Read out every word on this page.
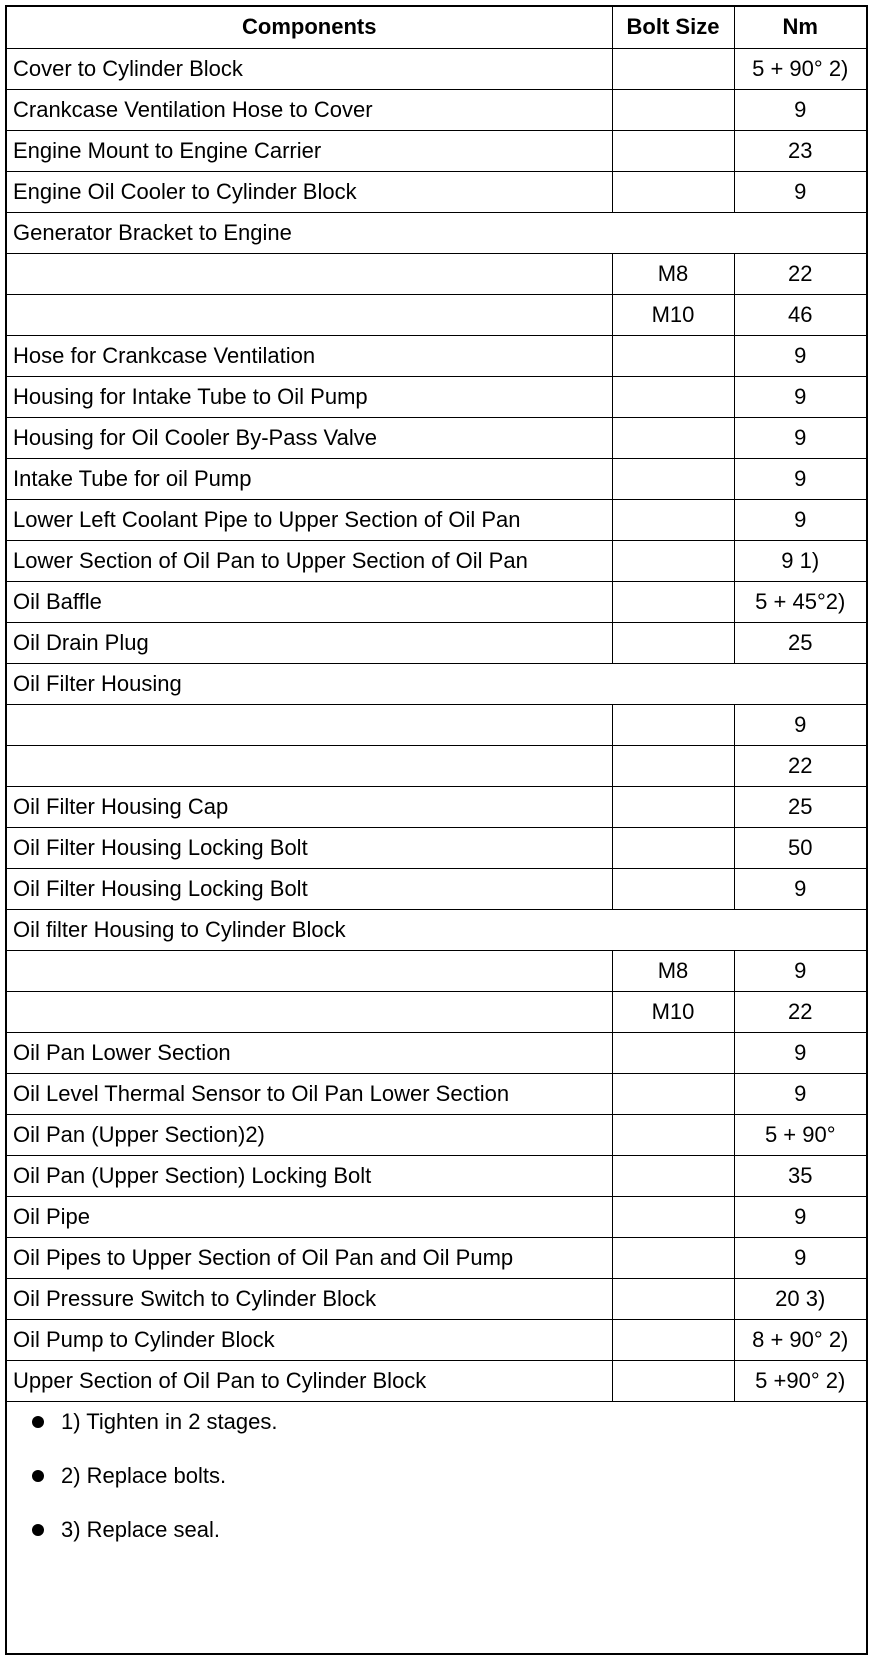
Components	Bolt Size	Nm
Cover to Cylinder Block		5 + 90° 2)
Crankcase Ventilation Hose to Cover		9
Engine Mount to Engine Carrier		23
Engine Oil Cooler to Cylinder Block		9
Generator Bracket to Engine		
	M8	22
	M10	46
Hose for Crankcase Ventilation		9
Housing for Intake Tube to Oil Pump		9
Housing for Oil Cooler By-Pass Valve		9
Intake Tube for oil Pump		9
Lower Left Coolant Pipe to Upper Section of Oil Pan		9
Lower Section of Oil Pan to Upper Section of Oil Pan		9 1)
Oil Baffle		5 + 45°2)
Oil Drain Plug		25
Oil Filter Housing		
		9
		22
Oil Filter Housing Cap		25
Oil Filter Housing Locking Bolt		50
Oil Filter Housing Locking Bolt		9
Oil filter Housing to Cylinder Block		
	M8	9
	M10	22
Oil Pan Lower Section		9
Oil Level Thermal Sensor to Oil Pan Lower Section		9
Oil Pan (Upper Section)2)		5 + 90°
Oil Pan (Upper Section) Locking Bolt		35
Oil Pipe		9
Oil Pipes to Upper Section of Oil Pan and Oil Pump		9
Oil Pressure Switch to Cylinder Block		20 3)
Oil Pump to Cylinder Block		8 + 90° 2)
Upper Section of Oil Pan to Cylinder Block		5 +90° 2)
1) Tighten in 2 stages.
2) Replace bolts.
3) Replace seal.
